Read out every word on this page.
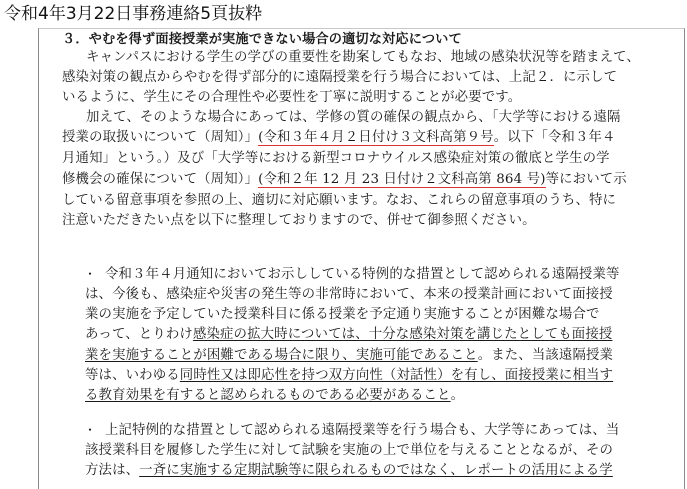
令和4年3月22日事務連絡5頁抜粋
３．やむを得ず面接授業が実施できない場合の適切な対応について
キャンパスにおける学生の学びの重要性を勘案してもなお、地域の感染状況等を踏まえて、
感染対策の観点からやむを得ず部分的に遠隔授業を行う場合においては、上記２．に示して
いるように、学生にその合理性や必要性を丁寧に説明することが必要です。
加えて、そのような場合にあっては、学修の質の確保の観点から、「大学等における遠隔
授業の取扱いについて（周知）」(令和３年４月２日付け３文科高第９号。以下「令和３年４
月通知」という。）及び「大学等における新型コロナウイルス感染症対策の徹底と学生の学
修機会の確保について（周知）」(令和２年 12 月 23 日付け２文科高第 864 号)等において示
している留意事項を参照の上、適切に対応願います。なお、これらの留意事項のうち、特に
注意いただきたい点を以下に整理しておりますので、併せて御参照ください。
・ 令和３年４月通知においてお示ししている特例的な措置として認められる遠隔授業等
は、今後も、感染症や災害の発生等の非常時において、本来の授業計画において面接授
業の実施を予定していた授業科目に係る授業を予定通り実施することが困難な場合で
あって、とりわけ感染症の拡大時については、十分な感染対策を講じたとしても面接授
業を実施することが困難である場合に限り、実施可能であること。また、当該遠隔授業
等は、いわゆる同時性又は即応性を持つ双方向性（対話性）を有し、面接授業に相当す
る教育効果を有すると認められるものである必要があること。
・ 上記特例的な措置として認められる遠隔授業等を行う場合も、大学等にあっては、当
該授業科目を履修した学生に対して試験を実施の上で単位を与えることとなるが、その
方法は、一斉に実施する定期試験等に限られるものではなく、レポートの活用による学
